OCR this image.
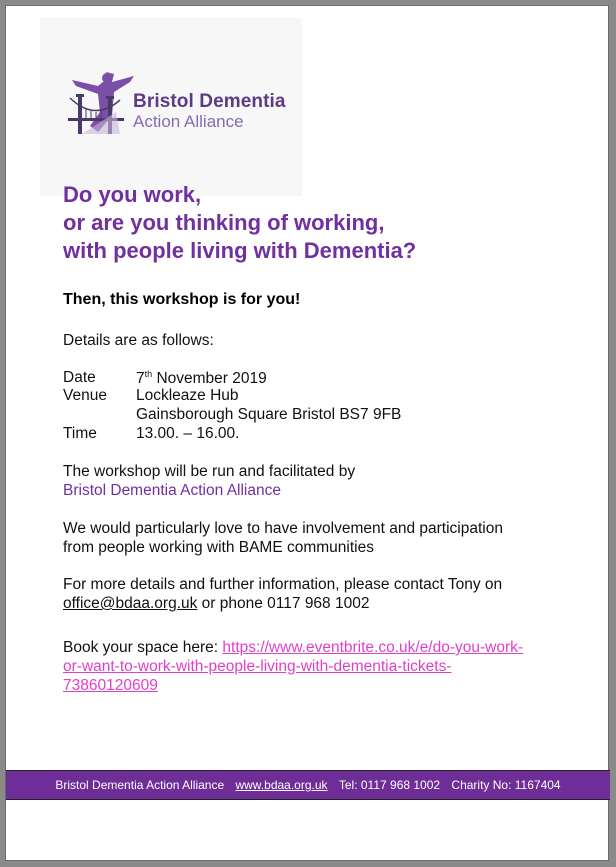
Bristol Dementia
Action Alliance
Do you work,
or are you thinking of working,
with people living with Dementia?
Then, this workshop is for you!
Details are as follows:
Date	7th November 2019
Venue Lockleaze Hub
Gainsborough Square Bristol BS7 9FB
Time	13.00. – 16.00.
The workshop will be run and facilitated by
Bristol Dementia Action Alliance
We would particularly love to have involvement and participation
from people working with BAME communities
For more details and further information, please contact Tony on
office@bdaa.org.uk or phone 0117 968 1002
Book your space here: https://www.eventbrite.co.uk/e/do-you-work-
or-want-to-work-with-people-living-with-dementia-tickets-
73860120609
Bristol Dementia Action Alliance www.bdaa.org.uk Tel: 0117 968 1002 Charity No: 1167404
